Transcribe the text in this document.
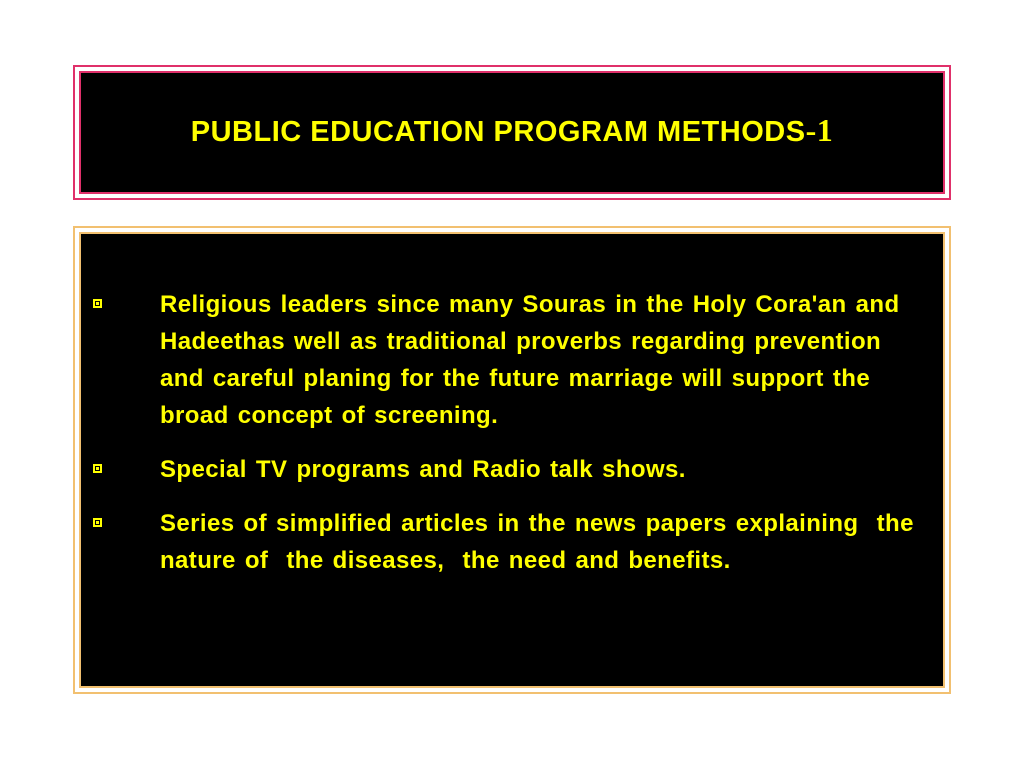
PUBLIC EDUCATION PROGRAM METHODS-1
Religious leaders since many Souras in the Holy Cora'an and Hadeethas well as traditional proverbs regarding prevention and careful planing for the future marriage will support the broad concept of screening.
Special TV programs and Radio talk shows.
Series of simplified articles in the news papers explaining  the nature of  the diseases,  the need and benefits.
